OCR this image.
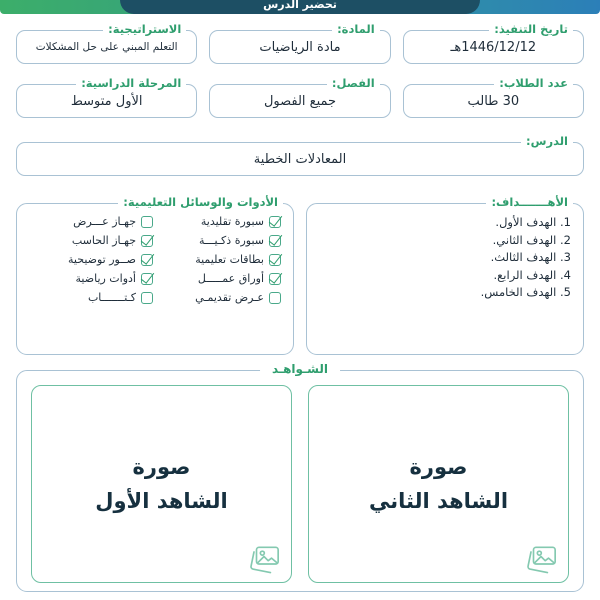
تحضير الدرس
الاستراتيجية:
التعلم المبني على حل المشكلات
المادة:
مادة الرياضيات
تاريخ التنفيذ:
1446/12/12هـ
المرحلة الدراسية:
الأول متوسط
الفصل:
جميع الفصول
عدد الطلاب:
30 طالب
الدرس:
المعادلات الخطية
الأدوات والوسائل التعليمية:
سبورة تقليدية
جهـاز عـــرض
سبورة ذكـيـــة
جهـاز الحاسب
بطاقات تعليمية
صــور توضيحية
أوراق عمـــــل
أدوات رياضية
عـرض تقديمـي
كـتـــــــاب
الأهـــــــداف:
1. الهدف الأول.
2. الهدف الثاني.
3. الهدف الثالث.
4. الهدف الرابع.
5. الهدف الخامس.
الشـواهـد
صورة
الشاهد الأول
صورة
الشاهد الثاني
